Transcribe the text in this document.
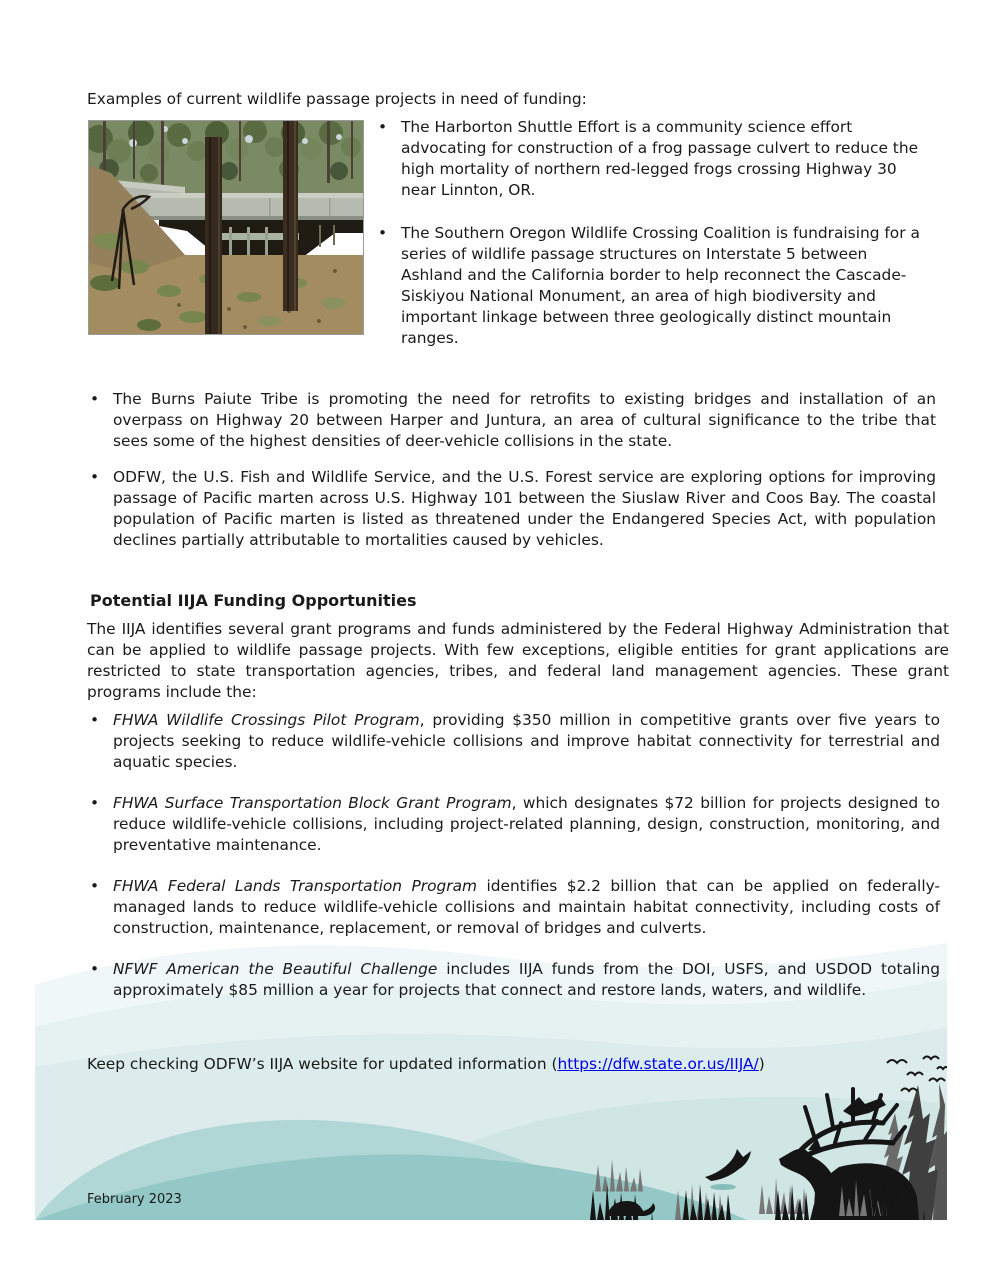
Examples of current wildlife passage projects in need of funding:
• The Harborton Shuttle Effort is a community science effort advocating for construction of a frog passage culvert to reduce the high mortality of northern red-legged frogs crossing Highway 30 near Linnton, OR.
• The Southern Oregon Wildlife Crossing Coalition is fundraising for a series of wildlife passage structures on Interstate 5 between Ashland and the California border to help reconnect the Cascade-Siskiyou National Monument, an area of high biodiversity and important linkage between three geologically distinct mountain ranges.
• The Burns Paiute Tribe is promoting the need for retrofits to existing bridges and installation of an overpass on Highway 20 between Harper and Juntura, an area of cultural significance to the tribe that sees some of the highest densities of deer-vehicle collisions in the state.
• ODFW, the U.S. Fish and Wildlife Service, and the U.S. Forest service are exploring options for improving passage of Pacific marten across U.S. Highway 101 between the Siuslaw River and Coos Bay. The coastal population of Pacific marten is listed as threatened under the Endangered Species Act, with population declines partially attributable to mortalities caused by vehicles.
Potential IIJA Funding Opportunities
The IIJA identifies several grant programs and funds administered by the Federal Highway Administration that can be applied to wildlife passage projects. With few exceptions, eligible entities for grant applications are restricted to state transportation agencies, tribes, and federal land management agencies. These grant programs include the:
• FHWA Wildlife Crossings Pilot Program, providing $350 million in competitive grants over five years to projects seeking to reduce wildlife-vehicle collisions and improve habitat connectivity for terrestrial and aquatic species.
• FHWA Surface Transportation Block Grant Program, which designates $72 billion for projects designed to reduce wildlife-vehicle collisions, including project-related planning, design, construction, monitoring, and preventative maintenance.
• FHWA Federal Lands Transportation Program identifies $2.2 billion that can be applied on federally-managed lands to reduce wildlife-vehicle collisions and maintain habitat connectivity, including costs of construction, maintenance, replacement, or removal of bridges and culverts.
• NFWF American the Beautiful Challenge includes IIJA funds from the DOI, USFS, and USDOD totaling approximately $85 million a year for projects that connect and restore lands, waters, and wildlife.
Keep checking ODFW’s IIJA website for updated information (https://dfw.state.or.us/IIJA/)
February 2023
